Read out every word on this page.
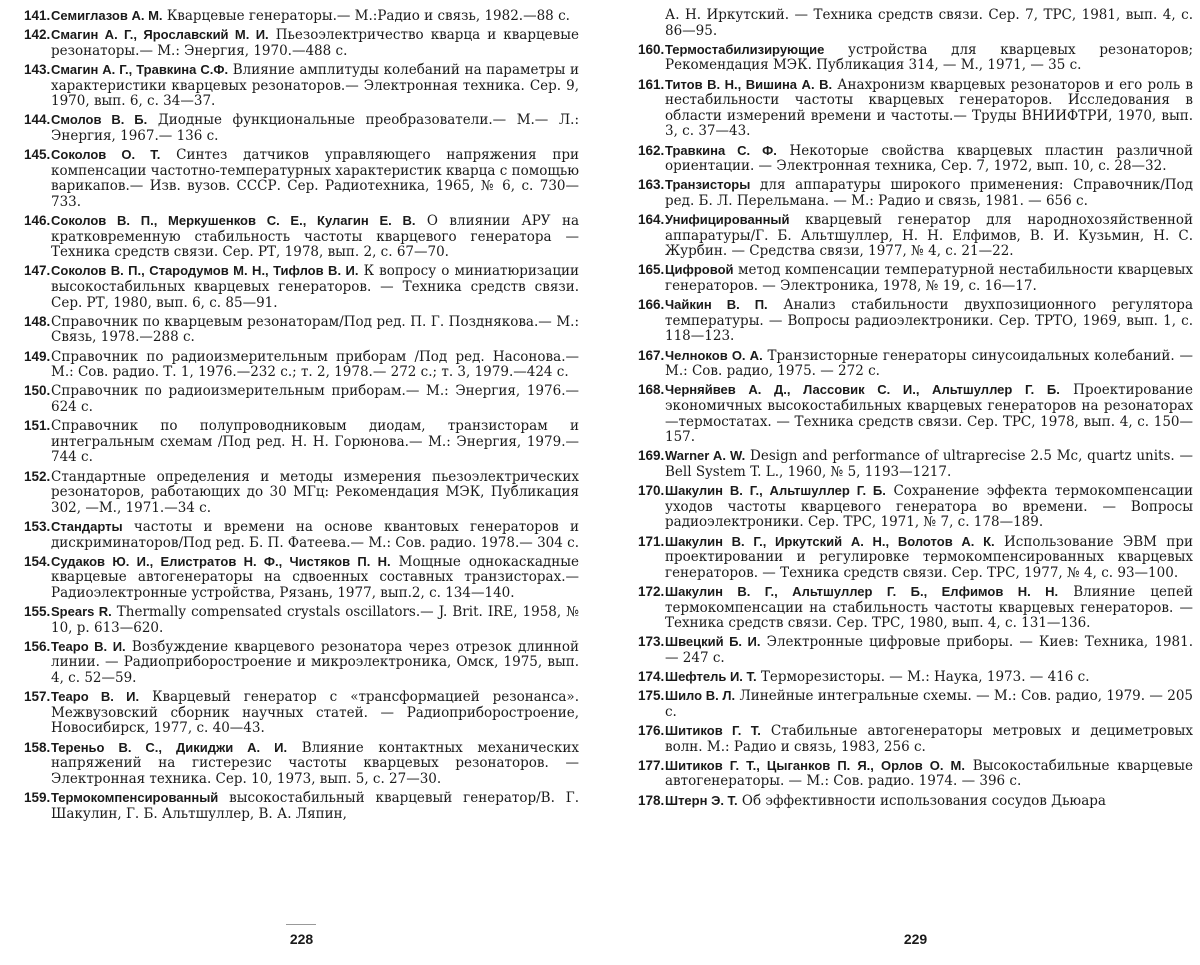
141. Семиглазов А. М. Кварцевые генераторы.— М.:Радио и связь, 1982.—88 с.
142. Смагин А. Г., Ярославский М. И. Пьезоэлектричество кварца и кварцевые резонаторы.— М.: Энергия, 1970.—488 с.
143. Смагин А. Г., Травкина С.Ф. Влияние амплитуды колебаний на параметры и характеристики кварцевых резонаторов.— Электронная техника. Сер. 9, 1970, вып. 6, с. 34—37.
144. Смолов В. Б. Диодные функциональные преобразователи.— М.— Л.: Энергия, 1967.— 136 с.
145. Соколов О. Т. Синтез датчиков управляющего напряжения при компенсации частотно-температурных характеристик кварца с помощью варикапов.— Изв. вузов. СССР. Сер. Радиотехника, 1965, № 6, с. 730—733.
146. Соколов В. П., Меркушенков С. Е., Кулагин Е. В. О влиянии АРУ на кратковременную стабильность частоты кварцевого генератора — Техника средств связи. Сер. РТ, 1978, вып. 2, с. 67—70.
147. Соколов В. П., Стародумов М. Н., Тифлов В. И. К вопросу о миниатюризации высокостабильных кварцевых генераторов. — Техника средств связи. Сер. РТ, 1980, вып. 6, с. 85—91.
148. Справочник по кварцевым резонаторам/Под ред. П. Г. Позднякова.— М.: Связь, 1978.—288 с.
149. Справочник по радиоизмерительным приборам /Под ред. Насонова.— М.: Сов. радио. Т. 1, 1976.—232 с.; т. 2, 1978.— 272 с.; т. 3, 1979.—424 с.
150. Справочник по радиоизмерительным приборам.— М.: Энергия, 1976.— 624 с.
151. Справочник по полупроводниковым диодам, транзисторам и интегральным схемам /Под ред. Н. Н. Горюнова.— М.: Энергия, 1979.—744 с.
152. Стандартные определения и методы измерения пьезоэлектрических резонаторов, работающих до 30 МГц: Рекомендация МЭК, Публикация 302, —М., 1971.—34 с.
153. Стандарты частоты и времени на основе квантовых генераторов и дискриминаторов/Под ред. Б. П. Фатеева.— М.: Сов. радио. 1978.— 304 с.
154. Судаков Ю. И., Елистратов Н. Ф., Чистяков П. Н. Мощные однокаскадные кварцевые автогенераторы на сдвоенных составных транзисторах.— Радиоэлектронные устройства, Рязань, 1977, вып.2, с. 134—140.
155. Spears R. Thermally compensated crystals oscillators.— J. Brit. IRE, 1958, № 10, p. 613—620.
156. Теаро В. И. Возбуждение кварцевого резонатора через отрезок длинной линии. — Радиоприборостроение и микроэлектроника, Омск, 1975, вып. 4, с. 52—59.
157. Теаро В. И. Кварцевый генератор с «трансформацией резонанса». Межвузовский сборник научных статей. — Радиоприборостроение, Новосибирск, 1977, с. 40—43.
158. Тереньо В. С., Дикиджи А. И. Влияние контактных механических напряжений на гистерезис частоты кварцевых резонаторов. — Электронная техника. Сер. 10, 1973, вып. 5, с. 27—30.
159. Термокомпенсированный высокостабильный кварцевый генератор/В. Г. Шакулин, Г. Б. Альтшуллер, В. А. Ляпин,
228
А. Н. Иркутский. — Техника средств связи. Сер. 7, ТРС, 1981, вып. 4, с. 86—95.
160. Термостабилизирующие устройства для кварцевых резонаторов; Рекомендация МЭК. Публикация 314, — М., 1971, — 35 с.
161. Титов В. Н., Вишина А. В. Анахронизм кварцевых резонаторов и его роль в нестабильности частоты кварцевых генераторов. Исследования в области измерений времени и частоты.— Труды ВНИИФТРИ, 1970, вып. 3, с. 37—43.
162. Травкина С. Ф. Некоторые свойства кварцевых пластин различной ориентации. — Электронная техника, Сер. 7, 1972, вып. 10, с. 28—32.
163. Транзисторы для аппаратуры широкого применения: Справочник/Под ред. Б. Л. Перельмана. — М.: Радио и связь, 1981. — 656 с.
164. Унифицированный кварцевый генератор для народнохозяйственной аппаратуры/Г. Б. Альтшуллер, Н. Н. Елфимов, В. И. Кузьмин, Н. С. Журбин. — Средства связи, 1977, № 4, с. 21—22.
165. Цифровой метод компенсации температурной нестабильности кварцевых генераторов. — Электроника, 1978, № 19, с. 16—17.
166. Чайкин В. П. Анализ стабильности двухпозиционного регулятора температуры. — Вопросы радиоэлектроники. Сер. ТРТО, 1969, вып. 1, с. 118—123.
167. Челноков О. А. Транзисторные генераторы синусоидальных колебаний. — М.: Сов. радио, 1975. — 272 с.
168. Черняйвев А. Д., Лассовик С. И., Альтшуллер Г. Б. Проектирование экономичных высокостабильных кварцевых генераторов на резонаторах—термостатах. — Техника средств связи. Сер. ТРС, 1978, вып. 4, с. 150—157.
169. Warner A. W. Design and performance of ultraprecise 2.5 Mc, quartz units. — Bell System T. L., 1960, № 5, 1193—1217.
170. Шакулин В. Г., Альтшуллер Г. Б. Сохранение эффекта термокомпенсации уходов частоты кварцевого генератора во времени. — Вопросы радиоэлектроники. Сер. ТРС, 1971, № 7, с. 178—189.
171. Шакулин В. Г., Иркутский А. Н., Волотов А. К. Использование ЭВМ при проектировании и регулировке термокомпенсированных кварцевых генераторов. — Техника средств связи. Сер. ТРС, 1977, № 4, с. 93—100.
172. Шакулин В. Г., Альтшуллер Г. Б., Елфимов Н. Н. Влияние цепей термокомпенсации на стабильность частоты кварцевых генераторов. — Техника средств связи. Сер. ТРС, 1980, вып. 4, с. 131—136.
173. Швецкий Б. И. Электронные цифровые приборы. — Киев: Техника, 1981. — 247 с.
174. Шефтель И. Т. Терморезисторы. — М.: Наука, 1973. — 416 с.
175. Шило В. Л. Линейные интегральные схемы. — М.: Сов. радио, 1979. — 205 с.
176. Шитиков Г. Т. Стабильные автогенераторы метровых и дециметровых волн. М.: Радио и связь, 1983, 256 с.
177. Шитиков Г. Т., Цыганков П. Я., Орлов О. М. Высокостабильные кварцевые автогенераторы. — М.: Сов. радио. 1974. — 396 с.
178. Штерн Э. Т. Об эффективности использования сосудов Дьюара
229
